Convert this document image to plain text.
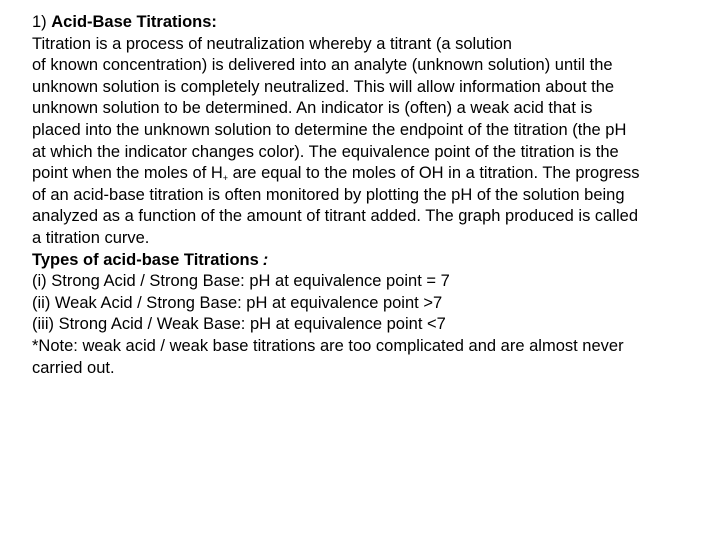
1) Acid-Base Titrations:
Titration is a process of neutralization whereby a titrant (a solution
of known concentration) is delivered into an analyte (unknown solution) until the
unknown solution is completely neutralized. This will allow information about the
unknown solution to be determined. An indicator is (often) a weak acid that is
placed into the unknown solution to determine the endpoint of the titration (the pH
at which the indicator changes color). The equivalence point of the titration is the
point when the moles of $H_+$ are equal to the moles of OH in a titration. The progress
of an acid-base titration is often monitored by plotting the pH of the solution being
analyzed as a function of the amount of titrant added. The graph produced is called
a titration curve.
Types of acid-base Titrations :
(i) Strong Acid / Strong Base: pH at equivalence point = 7
(ii) Weak Acid / Strong Base: pH at equivalence point >7
(iii) Strong Acid / Weak Base: pH at equivalence point <7
*Note: weak acid / weak base titrations are too complicated and are almost never
carried out.
